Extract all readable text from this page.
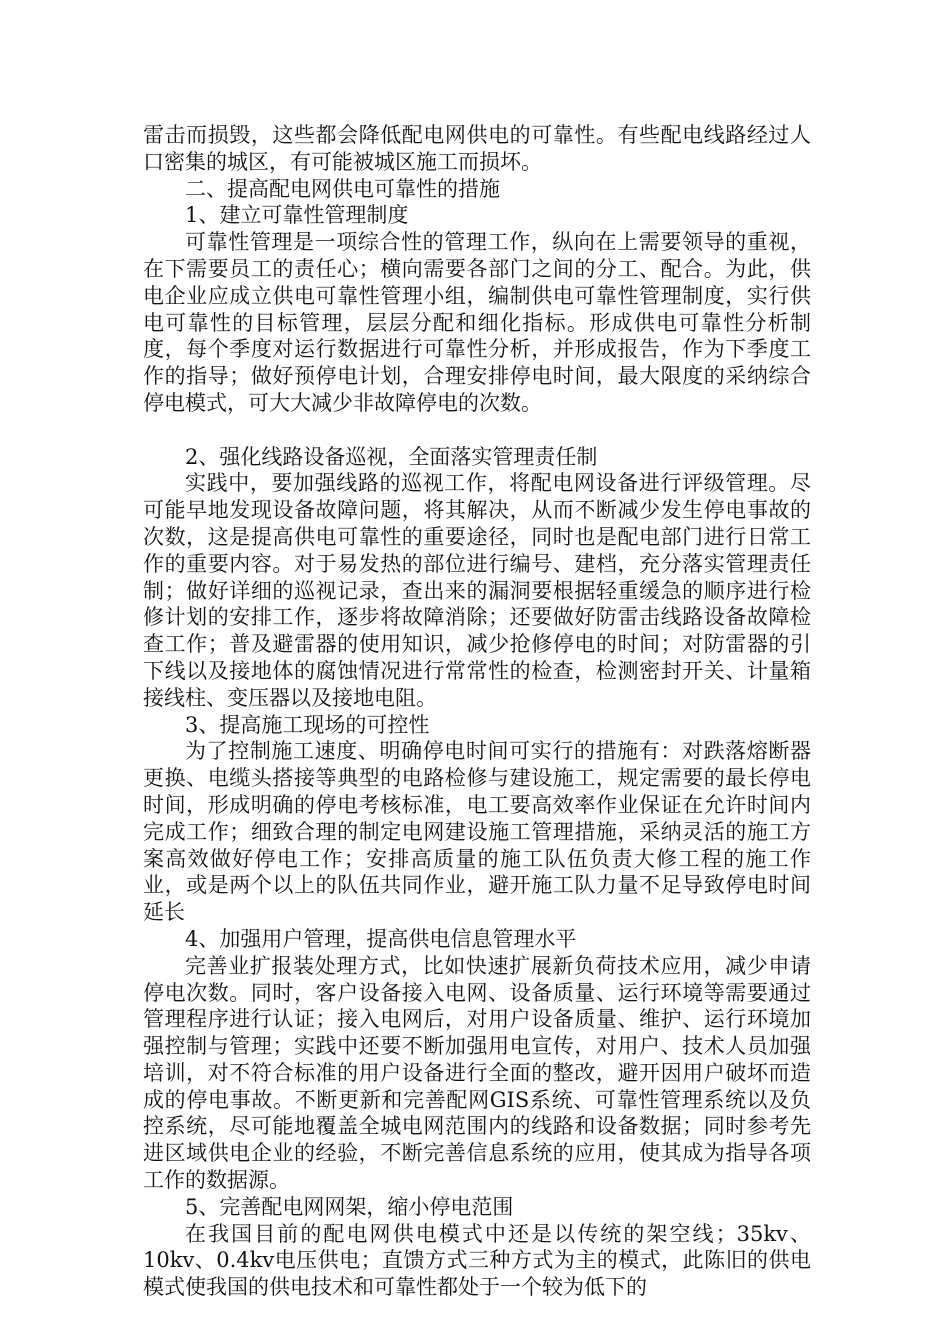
雷击而损毁，这些都会降低配电网供电的可靠性。有些配电线路经过人口密集的城区，有可能被城区施工而损坏。

二、提高配电网供电可靠性的措施

1、建立可靠性管理制度

可靠性管理是一项综合性的管理工作，纵向在上需要领导的重视，在下需要员工的责任心；横向需要各部门之间的分工、配合。为此，供电企业应成立供电可靠性管理小组，编制供电可靠性管理制度，实行供电可靠性的目标管理，层层分配和细化指标。形成供电可靠性分析制度，每个季度对运行数据进行可靠性分析，并形成报告，作为下季度工作的指导；做好预停电计划，合理安排停电时间，最大限度的采纳综合停电模式，可大大减少非故障停电的次数。

2、强化线路设备巡视，全面落实管理责任制

实践中，要加强线路的巡视工作，将配电网设备进行评级管理。尽可能早地发现设备故障问题，将其解决，从而不断减少发生停电事故的次数，这是提高供电可靠性的重要途径，同时也是配电部门进行日常工作的重要内容。对于易发热的部位进行编号、建档，充分落实管理责任制；做好详细的巡视记录，查出来的漏洞要根据轻重缓急的顺序进行检修计划的安排工作，逐步将故障消除；还要做好防雷击线路设备故障检查工作；普及避雷器的使用知识，减少抢修停电的时间；对防雷器的引下线以及接地体的腐蚀情况进行常常性的检查，检测密封开关、计量箱接线柱、变压器以及接地电阻。

3、提高施工现场的可控性

为了控制施工速度、明确停电时间可实行的措施有：对跌落熔断器更换、电缆头搭接等典型的电路检修与建设施工，规定需要的最长停电时间，形成明确的停电考核标准，电工要高效率作业保证在允许时间内完成工作；细致合理的制定电网建设施工管理措施，采纳灵活的施工方案高效做好停电工作；安排高质量的施工队伍负责大修工程的施工作业，或是两个以上的队伍共同作业，避开施工队力量不足导致停电时间延长

4、加强用户管理，提高供电信息管理水平

完善业扩报装处理方式，比如快速扩展新负荷技术应用，减少申请停电次数。同时，客户设备接入电网、设备质量、运行环境等需要通过管理程序进行认证；接入电网后，对用户设备质量、维护、运行环境加强控制与管理；实践中还要不断加强用电宣传，对用户、技术人员加强培训，对不符合标准的用户设备进行全面的整改，避开因用户破坏而造成的停电事故。不断更新和完善配网GIS系统、可靠性管理系统以及负控系统，尽可能地覆盖全城电网范围内的线路和设备数据；同时参考先进区域供电企业的经验，不断完善信息系统的应用，使其成为指导各项工作的数据源。

5、完善配电网网架，缩小停电范围

在我国目前的配电网供电模式中还是以传统的架空线；35kv、10kv、0.4kv电压供电；直馈方式三种方式为主的模式，此陈旧的供电模式使我国的供电技术和可靠性都处于一个较为低下的
